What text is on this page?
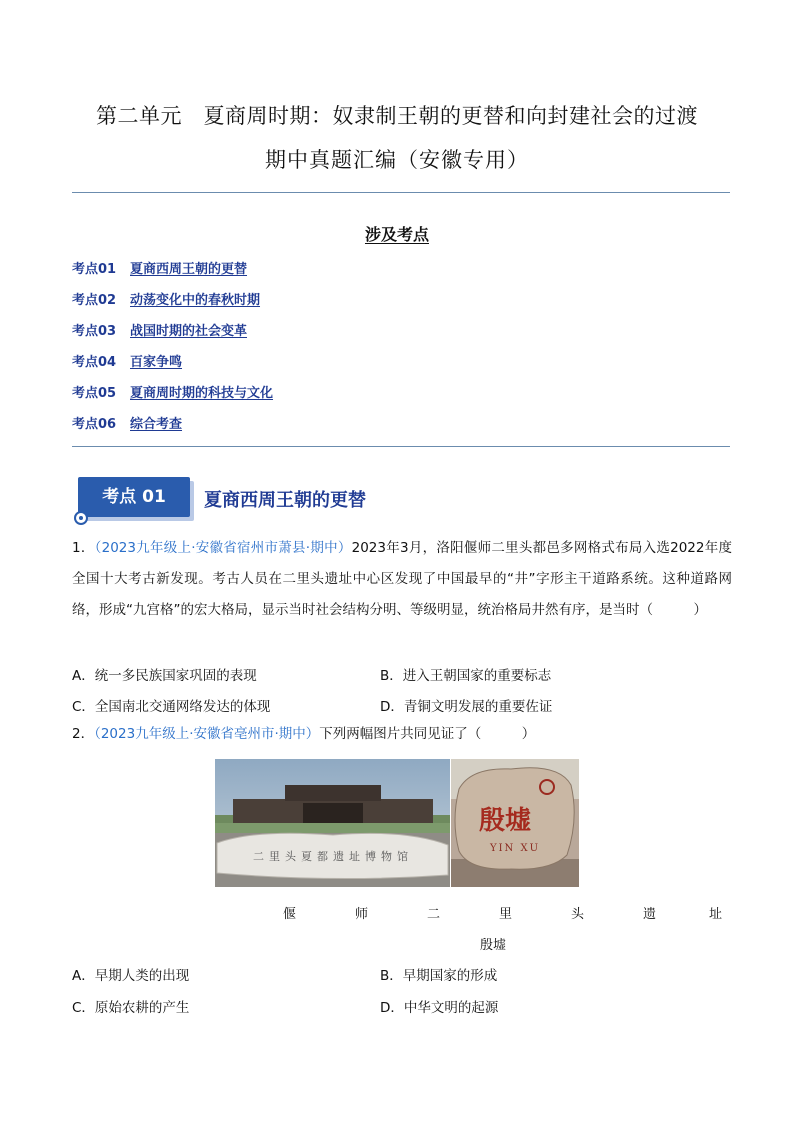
第二单元　夏商周时期：奴隶制王朝的更替和向封建社会的过渡
期中真题汇编（安徽专用）
涉及考点
考点01 夏商西周王朝的更替
考点02 动荡变化中的春秋时期
考点03 战国时期的社会变革
考点04 百家争鸣
考点05 夏商周时期的科技与文化
考点06 综合考查
考点 01	夏商西周王朝的更替
1．（2023九年级上·安徽省宿州市萧县·期中）2023年3月，洛阳偃师二里头都邑多网格式布局入选2022年度全国十大考古新发现。考古人员在二里头遗址中心区发现了中国最早的“井”字形主干道路系统。这种道路网络，形成“九宫格”的宏大格局，显示当时社会结构分明、等级明显，统治格局井然有序，是当时（　　　）
A．统一多民族国家巩固的表现	B．进入王朝国家的重要标志
C．全国南北交通网络发达的体现	D．青铜文明发展的重要佐证
2．（2023九年级上·安徽省亳州市·期中）下列两幅图片共同见证了（　　　）
二里头夏都遗址博物馆
殷墟
YIN XU
偃	师	二	里	头	遗	址
殷墟
A．早期人类的出现	B．早期国家的形成
C．原始农耕的产生	D．中华文明的起源
